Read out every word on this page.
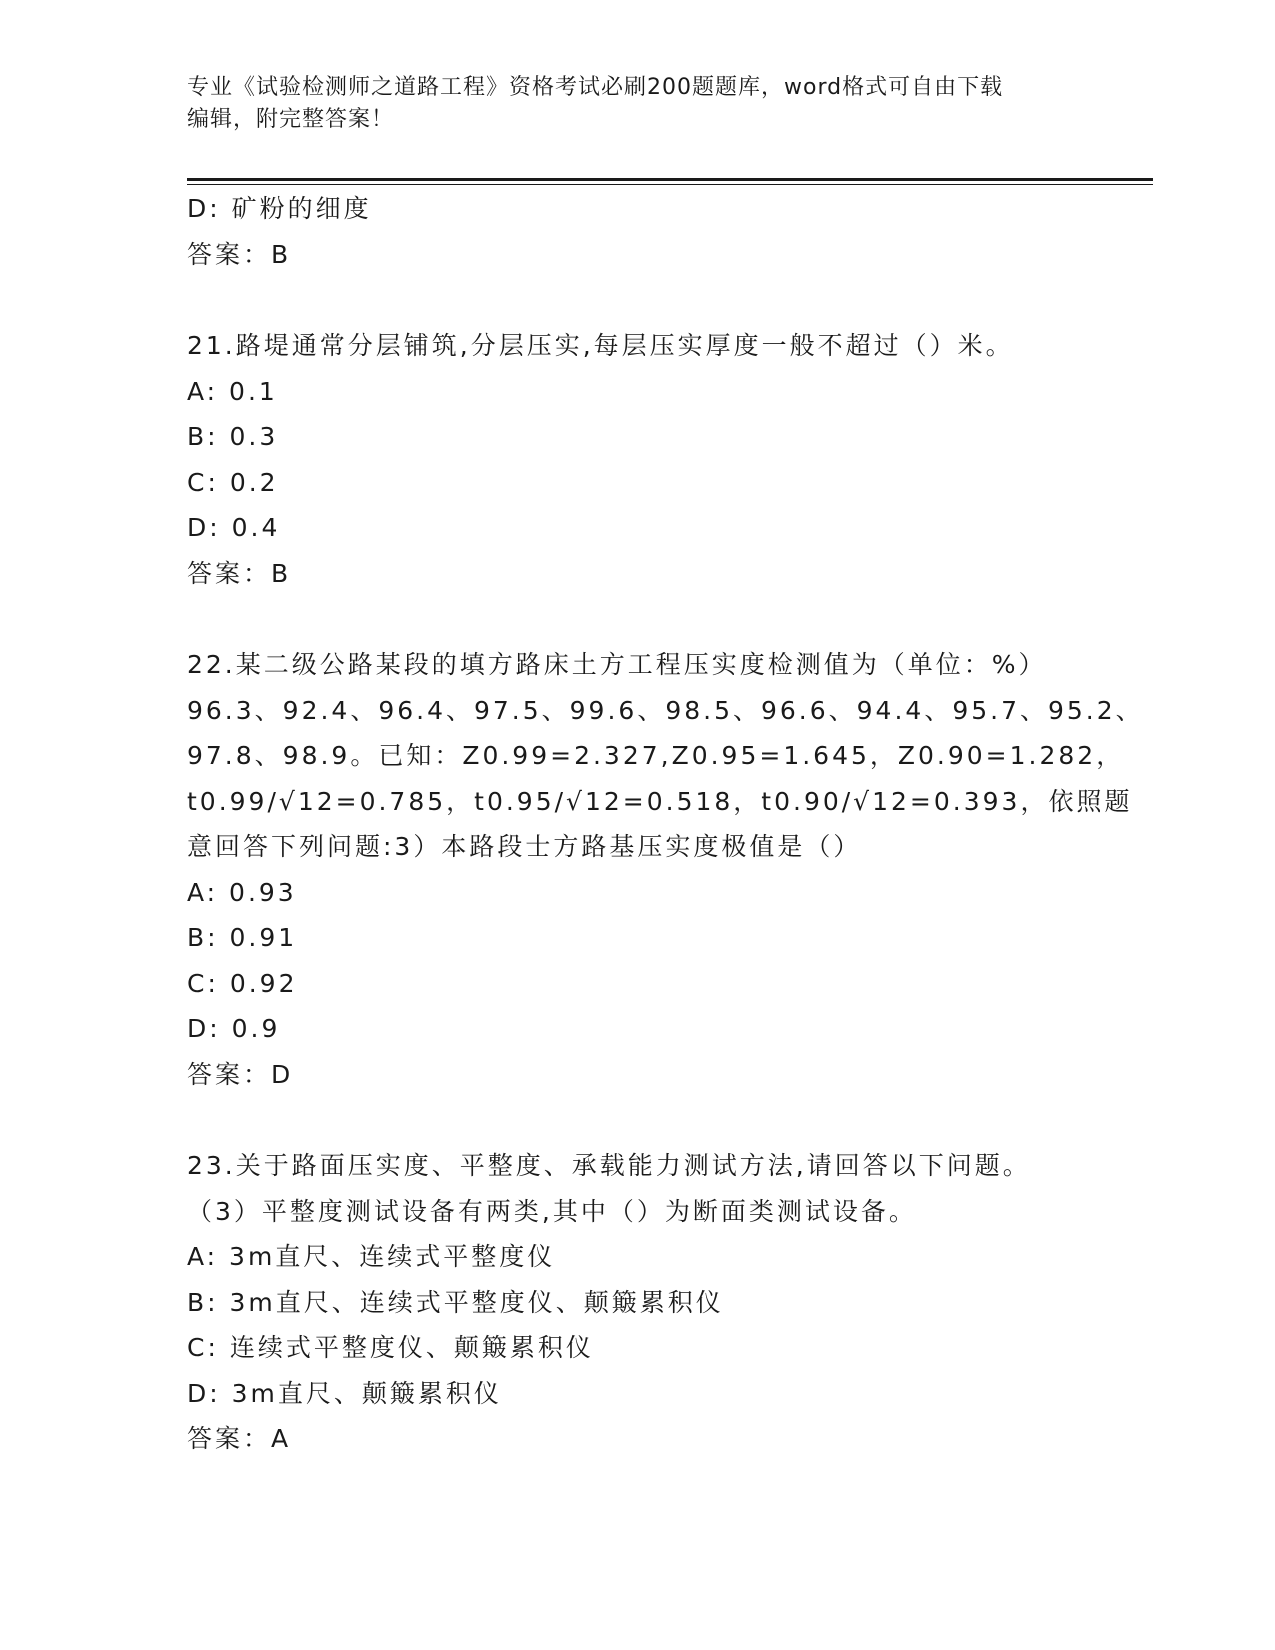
专业《试验检测师之道路工程》资格考试必刷200题题库，word格式可自由下载
编辑，附完整答案！
D: 矿粉的细度
答案：B
21.路堤通常分层铺筑,分层压实,每层压实厚度一般不超过（）米。
A: 0.1
B: 0.3
C: 0.2
D: 0.4
答案：B
22.某二级公路某段的填方路床土方工程压实度检测值为（单位：%）
96.3、92.4、96.4、97.5、99.6、98.5、96.6、94.4、95.7、95.2、
97.8、98.9。已知：Z0.99=2.327,Z0.95=1.645，Z0.90=1.282，
t0.99/√12=0.785，t0.95/√12=0.518，t0.90/√12=0.393，依照题
意回答下列问题:3）本路段士方路基压实度极值是（）
A: 0.93
B: 0.91
C: 0.92
D: 0.9
答案：D
23.关于路面压实度、平整度、承载能力测试方法,请回答以下问题。
（3）平整度测试设备有两类,其中（）为断面类测试设备。
A: 3m直尺、连续式平整度仪
B: 3m直尺、连续式平整度仪、颠簸累积仪
C: 连续式平整度仪、颠簸累积仪
D: 3m直尺、颠簸累积仪
答案：A
